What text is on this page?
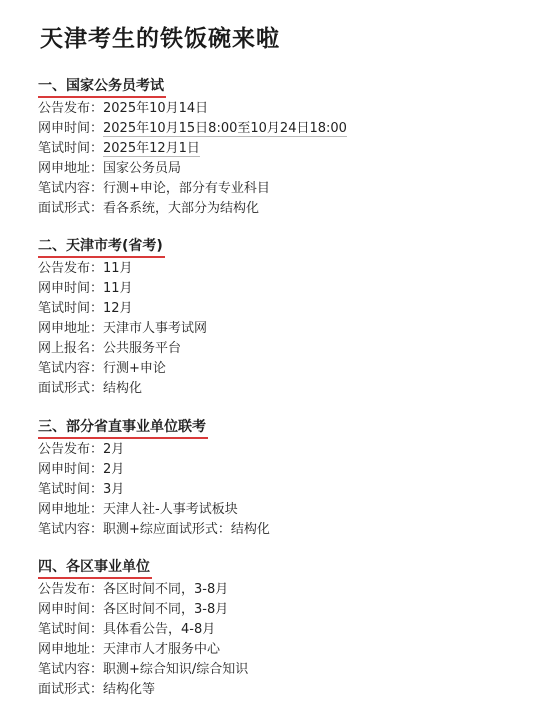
天津考生的铁饭碗来啦
一、国家公务员考试
公告发布：2025年10月14日
网申时间：2025年10月15日8:00至10月24日18:00
笔试时间：2025年12月1日
网申地址：国家公务员局
笔试内容：行测+申论，部分有专业科目
面试形式：看各系统，大部分为结构化
二、天津市考(省考)
公告发布：11月
网申时间：11月
笔试时间：12月
网申地址：天津市人事考试网
网上报名：公共服务平台
笔试内容：行测+申论
面试形式：结构化
三、部分省直事业单位联考
公告发布：2月
网申时间：2月
笔试时间：3月
网申地址：天津人社-人事考试板块
笔试内容：职测+综应面试形式：结构化
四、各区事业单位
公告发布：各区时间不同，3-8月
网申时间：各区时间不同，3-8月
笔试时间：具体看公告，4-8月
网申地址：天津市人才服务中心
笔试内容：职测+综合知识/综合知识
面试形式：结构化等
